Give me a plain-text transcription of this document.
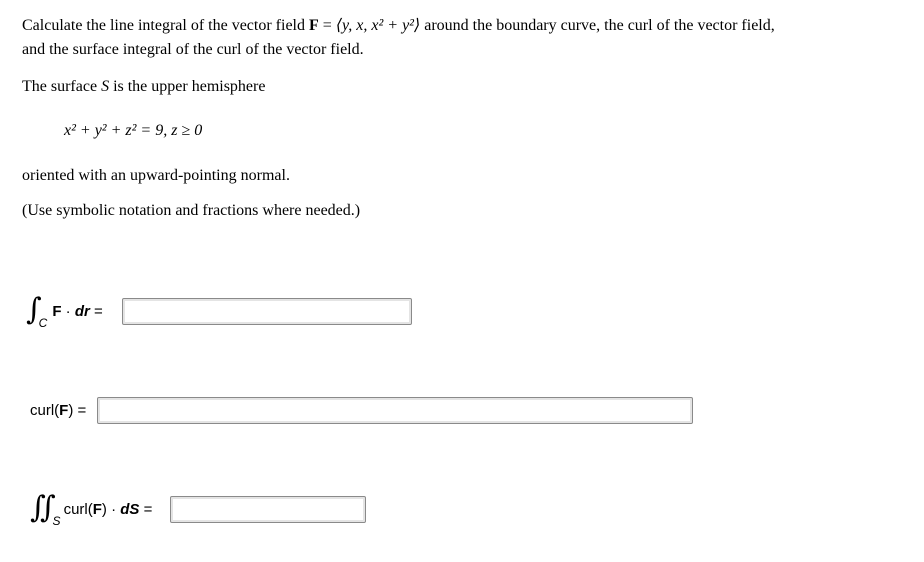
Calculate the line integral of the vector field F = ⟨y, x, x² + y²⟩ around the boundary curve, the curl of the vector field,
and the surface integral of the curl of the vector field.
The surface S is the upper hemisphere
x² + y² + z² = 9, z ≥ 0
oriented with an upward-pointing normal.
(Use symbolic notation and fractions where needed.)
∫
C
F · dr =
curl(F) =
∬
S
curl(F) · dS =
